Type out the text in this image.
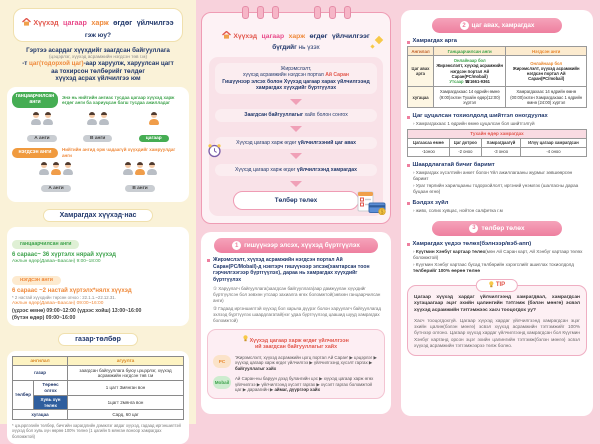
Хүүхэд цагаар харж өгдөг үйлчилгээ
гэж юу?
Гэртээ асардаг хүүхдийг заагдсан байгууллага
(цэцэрлэг, хүүхэд асрамжийн нэгдсэн төв г.м)
-т цаг(тодорхой цаг)-аар харуулж, харуулсан цагт
аа тохирсон төлбөрийг төлдөг
хүүхэд асрах үйлчилгээ юм
ганцаарчилсан анги
Энэ нь нийтийн ангиас тусдаа цагаар хүүхэд харж өгдөг анги ба хариуцсан багш тусдаа ажилладаг
А анги	В анги	цагаар
нэгдсэн анги	Нийтийн ангид орж чадаагүй хүүхдийг хамруулдаг анги
А анги	В анги
Хамрагдах хүүхэд·нас
ганцаарчилсан анги
6 сараас~ 36 хүртэлх нярай хүүхэд
Ажлын өдөр(Даваа–Баасан) 9:00–18:00
нэгдсэн анги
6 сараас ~2 настай хүртэлх*нялх хүүхэд
* 2 настай хүүхдийн төрсөн огноо : 22.1.1.~22.12.31.
Ажлын өдөр(Даваа–Баасан) 09:00~16:00
(үдээс өмнө) 09:00~12:00 (үдээс хойш) 13:00~16:00
(бүтэн өдөр) 09:00~16:00
газар·төлбөр
ангилал		агуулга
газар		заагдсан байгууллага буюу цэцэрлэг, хүүхэд асрамжийн нэгдсэн төв г.м
төлбөр	Төрөөс олгох	1 цагт 3мянган вон
	Хувь хүн төлөх	1цагт 2мянга вон
хугацаа		Сард, 60 цаг
* цэцэрлэгийн төлбөр, бичгийн харагдлийн дэмжлэг авдаг хүүхэд, гадаад иргэншилтэй хүүхэд бол хувь хүн өөрөө 100% төлнө (1 цагийн 5 мянган воноор хамрагдах боломжтой)
Хүүхэд цагаар харж өгдөг үйлчилгээг
бүгдийг нь үзэх
Жирэмслэлт,
хүүхэд асрамжийн нэгдсэн портал Ай Саран
Гишүүнээр элсэх болон Хүүхэд цагаар харах үйлчилгээнд хамрагдах хүүхдийг бүртгүүлэх
Заагдсан байгууллагыг хайх болон сонгох
Хүүхэд цагаар харж өгдөг үйлчилгээний цаг авах
Хүүхэд цагаар харж өгдөг үйлчилгээнд хамрагдах
Төлбөр төлөх
$
1 гишүүнээр элсэх, хүүхэд бүртгүүлэх
Жирэмслэлт, хүүхэд асрамжийн нэгдсэн портал Ай Саран(PC/Mobail)-д нэвтэрч гишүүнээр элсэж(хамтарсан тоон гэрчилгээгээр бүртгүүлэх), дараа нь хамрагдах хүүхдийг бүртгүүлэх
① Харуулагч байгууллага(заагдсан байгууллага)аар дамжуулан хүүхдийг бүртгүүлсэн бол зөвхөн утсаар захиалга өгөх боломжтой(зөвхөн ганцаарчилсан анги)
② Гадаад иргэншилтэй хүүхэд бол харьяа дүүрэг болон харуулагч байгууллагад эхлээд бүртгүүлэх шаардлагатай(нэг удаа бүртгүүлээд цаашид шууд хамрагдах боломжтой)
Хүүхэд цагаар харж өгдөг үйлчилгээн
ий заагдсан байгууллагыг хайх
PC
'Жирэмслэлт, хүүхэд асрамжийн цогц портал Ай Саран' ▶ цэцэрлэг ▶ хүүхэд цагаар харж өгдөг үйлчилгээ ▶ үйлчилгээнд хүсэлт гаргах ▶ байгууллагыг хайх
Mobail
Ай Саран-ны баруун дээд булангийн цэс ▶ хүүхэд цагаар харж өгөх үйлчилгээ ▶ үйлчилгээнд хүсэлт гаргах ▶ хүсэлт гаргах боломжтой цаг ▶ дараагийн ▶ аймаг, дүүргээр хайх
2 цаг авах, хамрагдах
Хамрагдах арга
Ангилал	Ганцаарчилсан анги	Нэгдсэн анги
Цаг авах арга	
Онлайнаар бол
Жирэмслэлт, хүүхэд асрамжийн нэгдсэн портал Ай Саран(PC/mobail)
Утсаар ☎1661-9361

Онлайнаар бол
Жирэмслэлт, хүүхэд асрамжийн нэгдсэн портал Ай Саран(PC/mobail)

хугацаа	Хамрагдахаас 14 өдрийн өмнө (9:00)эхлэн Тухайн өдөр(12:00) хүртэл	Хамрагдахаас 14 өдрийн өмнө (00:00)эхлэн Хамрагдахаас 1 өдрийн өмнө (24:00) хүртэл
Цаг цуцалсан тохиолдолд шийтгэл оногдуулах
› Хамрагдахаас 1 өдрийн өмнө цуцалсан бол шийтгэлгүй
Тухайн өдөр хамрагдах			
Цагаасаа өмнө	Цаг дотроо	Хамрагдаагүй	Илүү цагаар хамрагдсан
-1оноо	-2 оноо	-3 оноо	-4 оноо
Шаардлагатай бичиг баримт
› Хамрагдах хүсэлтийн анкет болон Үйл ажиллагааны журмыг зөвшөөрсөн баримт
› Ураг төрлийн харилцааны тодорхойлолт, иргэний үнэмлэх (шалгасны дараа буцаан өгнө)
Бэлдэх зүйл
› живх, солих хувцас, нойтон салфетка г.м
3 төлбөр төлөх
Хамрагдах үедээ төлөх(бэлнээр/вэб-апп)
› Күүгмин Хэнбүг картаар төлөх(мөн Ай Саран карт, Ай Хэнбүг картаар төлөх боломжтой)
› Күүгмин Хэнбүг картаас бусад төлбөрийн хэрэгслийг ашиглах тохиолдолд төлбөрийг 100% өөрөө төлнө
TIP
Цагаар хүүхэд хардаг үйлчилгээнд хамрагдвал, хамрагдсан хугацаагаар эцэг эхийн цалингийн тэтгэмж (бэлэн мөнгө) эсвэл хүүхэд асрамжийн тэтгэмжээс хасч тооцогдох уу?
Хасч тооцогдохгүй. Цагаар хүүхэд хардаг үйлчилгээнд хамрагдсан эцэг эхийн цалин(бэлэн мөнгө) эсвэл хүүхэд асрамжийн тэтгэмжийг 100% бүтнээр олгоно. Цагаар хүүхэд хардаг үйлчилгээнд хамрагдсан бол Күүгмин Хэнбүг картанд орсон эцэг эхийн цалингийн тэтгэмж(бэлэн мөнгө) эсвэл хүүхэд асрамжийн тэтгэмжээрээ төлж болно.
